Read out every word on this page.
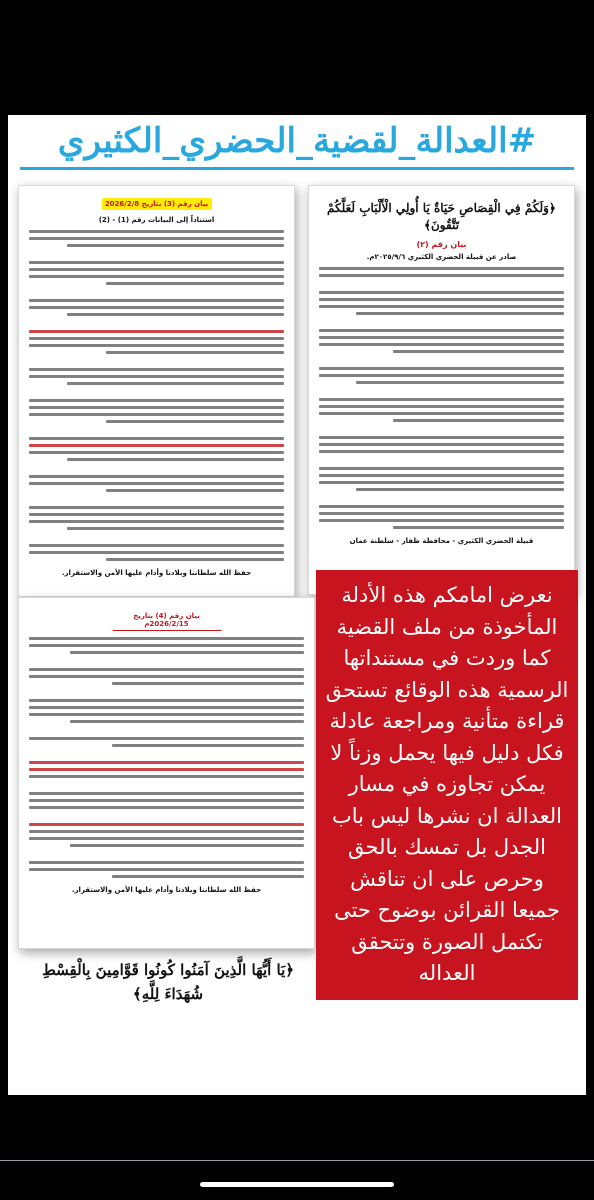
#العدالة_لقضية_الحضري_الكثيري
بيان رقم (3) بتاريخ 2026/2/8
استناداً إلى البيانات رقم (1) - (2)
حفظ الله سلطاننا وبلادنا وأدام عليها الأمن والاستقرار.
﴿وَلَكُمْ فِي الْقِصَاصِ حَيَاةٌ يَا أُولِي الْأَلْبَابِ لَعَلَّكُمْ تَتَّقُونَ﴾
بيان رقم (٢)
صادر عن قبيلة الحضري الكثيري ٢٠٢٥/٩/٦م.
قبيلة الحضري الكثيري - محافظة ظفار - سلطنة عمان
بيان رقم (4) بتاريخ 2026/2/15م
حفظ الله سلطاننا وبلادنا وأدام عليها الأمن والاستقرار.
نعرض امامكم هذه الأدلة المأخوذة من ملف القضية كما وردت في مستنداتها الرسمية هذه الوقائع تستحق قراءة متأنية ومراجعة عادلة فكل دليل فيها يحمل وزناً لا يمكن تجاوزه في مسار العدالة ان نشرها ليس باب الجدل بل تمسك بالحق وحرص على ان تناقش جميعا القرائن بوضوح حتى تكتمل الصورة وتتحقق العداله
﴿يَا أَيُّهَا الَّذِينَ آمَنُوا كُونُوا قَوَّامِينَ بِالْقِسْطِ شُهَدَاءَ لِلَّهِ﴾
